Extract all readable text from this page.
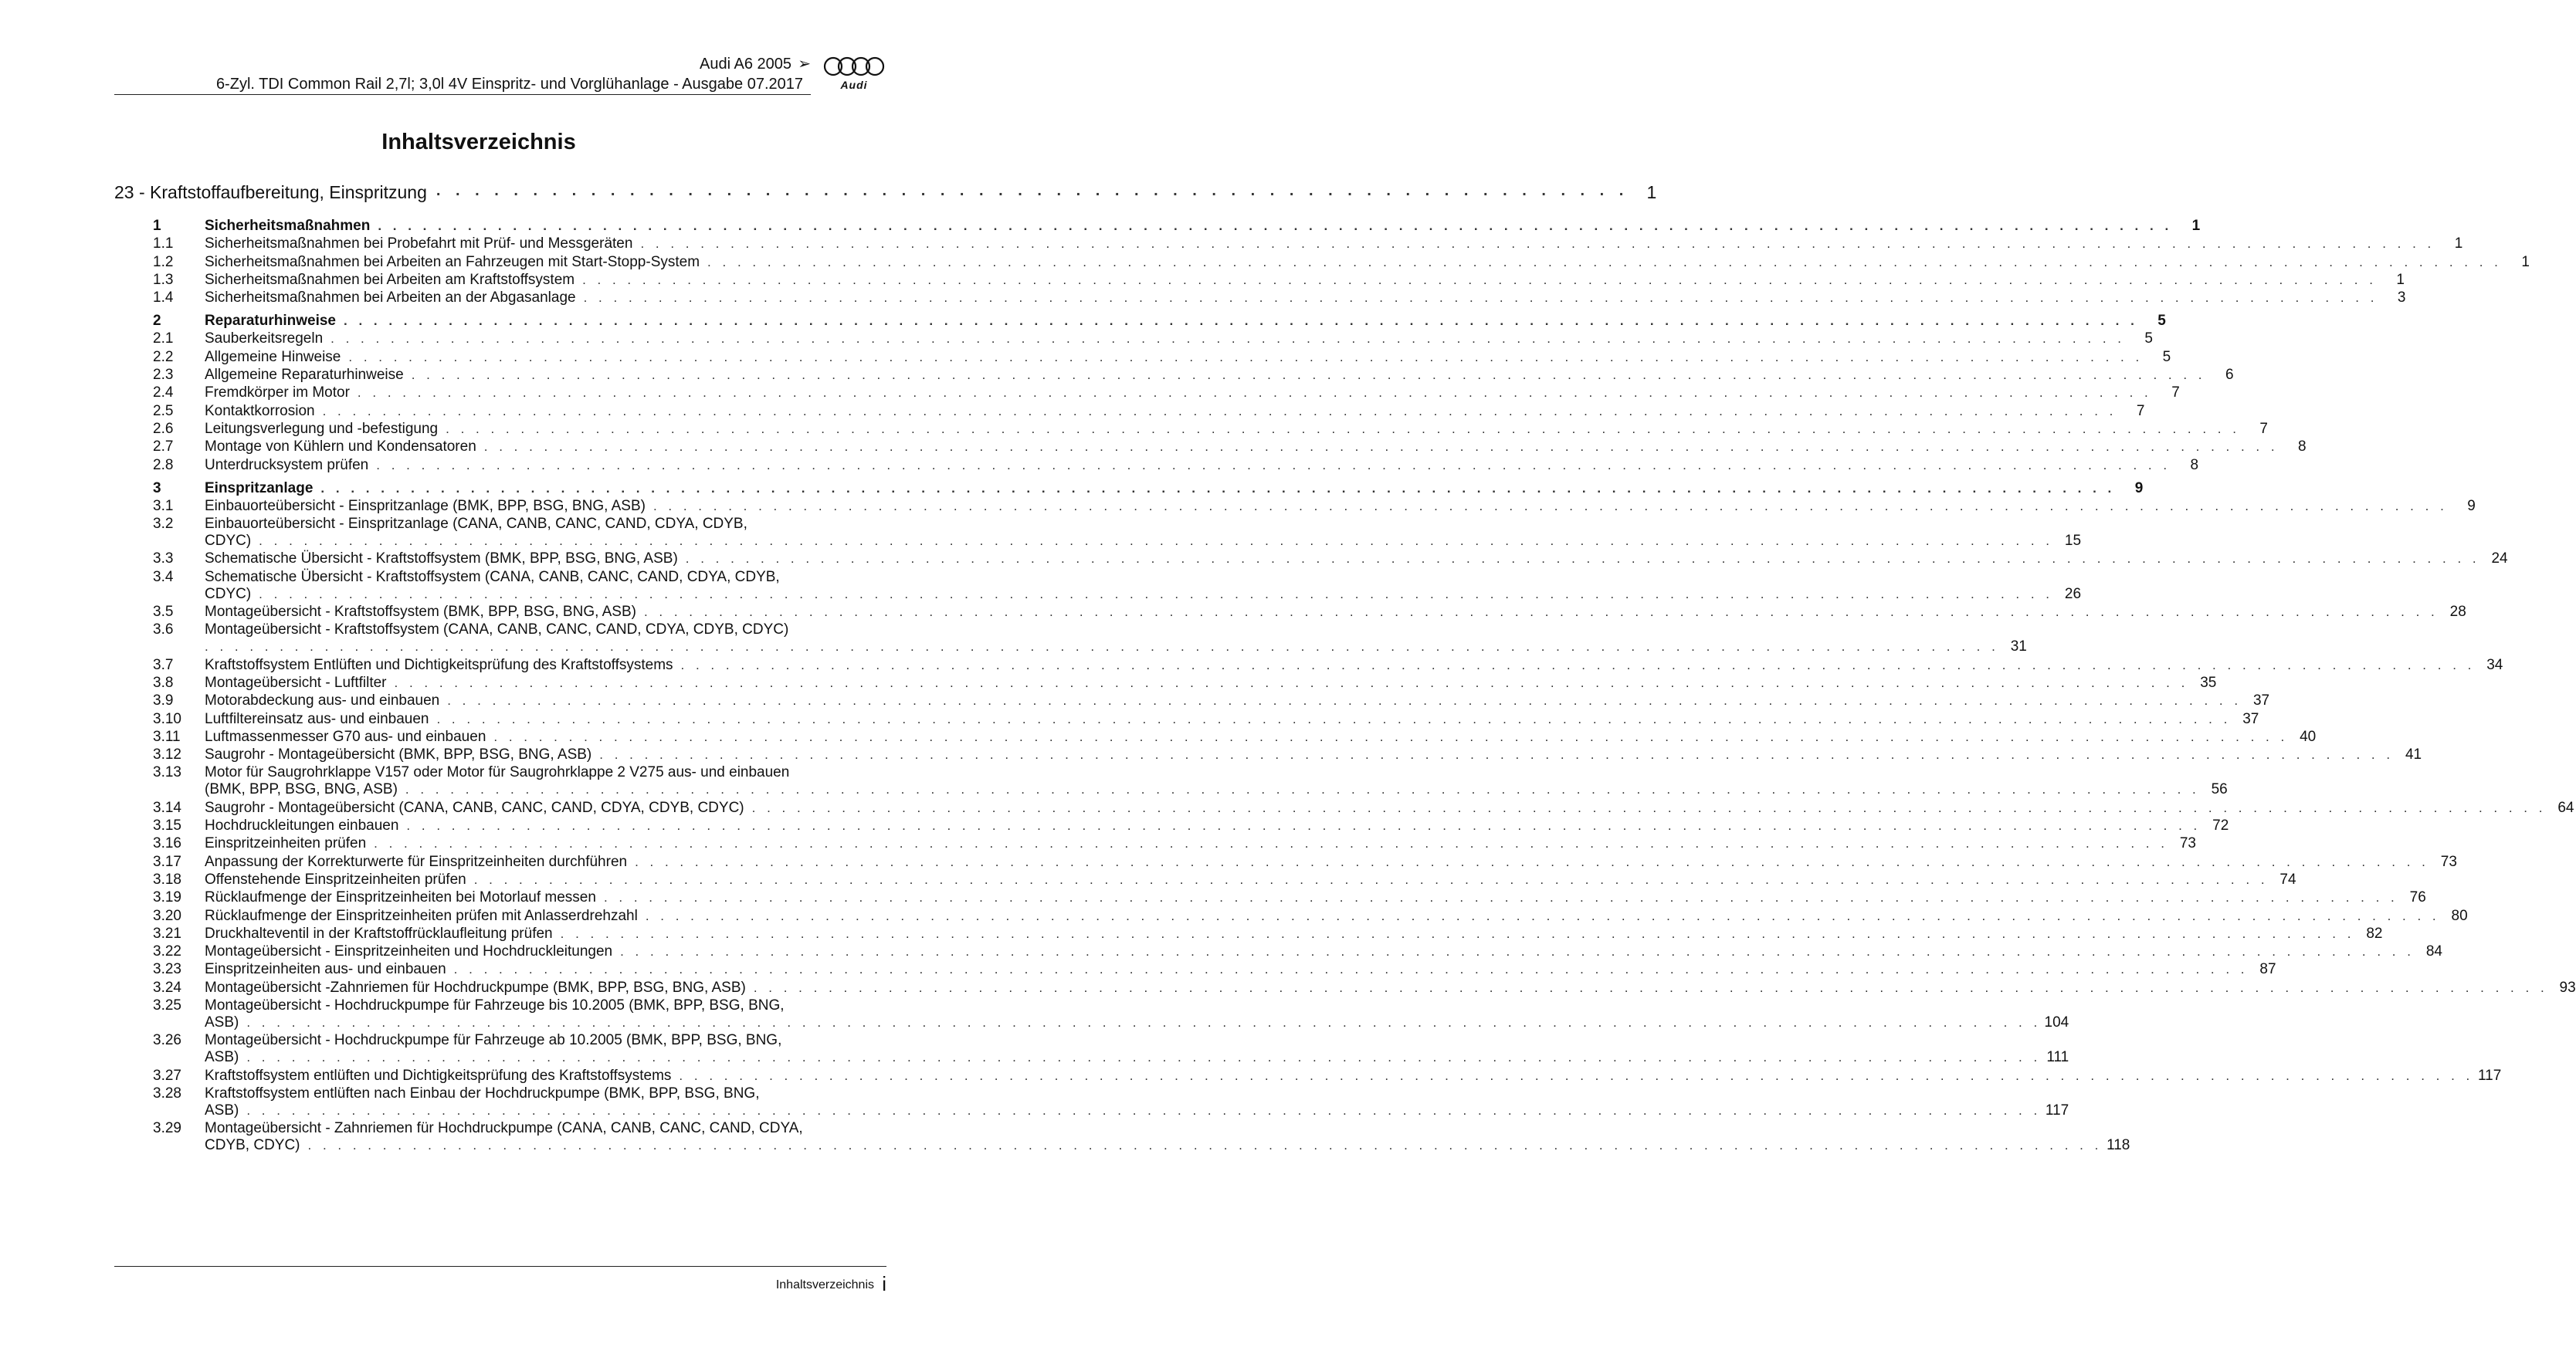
Audi A6 2005 ➢
6-Zyl. TDI Common Rail 2,7l; 3,0l 4V Einspritz- und Vorglühanlage - Ausgabe 07.2017	Audi
Inhaltsverzeichnis
23 - Kraftstoffaufbereitung, Einspritzung . . . . . . . . . . . . . . . . . . . . . . . . . . . . . . . . . . . . . . . . . . . . . . . . . . . . . . . . . . . . . .	1
1	Sicherheitsmaßnahmen . . . . . . . . . . . . . . . . . . . . . . . . . . . . . . . . . . . . . . . . . . . . . . . . . . . . . . . . . . . . . . . . . . . . . . . . . . . . . . . . . . . . . . . . . . . . . . . . . . . . . . . . . . . . . . . . . . . . . . . .	1
1.1	Sicherheitsmaßnahmen bei Probefahrt mit Prüf- und Messgeräten . . . . . . . . . . . . . . . . . . . . . . . . . . . . . . . . . . . . . . . . . . . . . . . . . . . . . . . . . . . . . . . . . . . . . . . . . . . . . . . . . . . . . . . . . . . . . . . . . . . . . . . . . . . . . . . . . . . . . . . .	1
1.2	Sicherheitsmaßnahmen bei Arbeiten an Fahrzeugen mit Start-Stopp-System . . . . . . . . . . . . . . . . . . . . . . . . . . . . . . . . . . . . . . . . . . . . . . . . . . . . . . . . . . . . . . . . . . . . . . . . . . . . . . . . . . . . . . . . . . . . . . . . . . . . . . . . . . . . . . . . . . . . . . . .	1
1.3	Sicherheitsmaßnahmen bei Arbeiten am Kraftstoffsystem . . . . . . . . . . . . . . . . . . . . . . . . . . . . . . . . . . . . . . . . . . . . . . . . . . . . . . . . . . . . . . . . . . . . . . . . . . . . . . . . . . . . . . . . . . . . . . . . . . . . . . . . . . . . . . . . . . . . . . . .	1
1.4	Sicherheitsmaßnahmen bei Arbeiten an der Abgasanlage . . . . . . . . . . . . . . . . . . . . . . . . . . . . . . . . . . . . . . . . . . . . . . . . . . . . . . . . . . . . . . . . . . . . . . . . . . . . . . . . . . . . . . . . . . . . . . . . . . . . . . . . . . . . . . . . . . . . . . . .	3
2	Reparaturhinweise . . . . . . . . . . . . . . . . . . . . . . . . . . . . . . . . . . . . . . . . . . . . . . . . . . . . . . . . . . . . . . . . . . . . . . . . . . . . . . . . . . . . . . . . . . . . . . . . . . . . . . . . . . . . . . . . . . . . . . . .	5
2.1	Sauberkeitsregeln . . . . . . . . . . . . . . . . . . . . . . . . . . . . . . . . . . . . . . . . . . . . . . . . . . . . . . . . . . . . . . . . . . . . . . . . . . . . . . . . . . . . . . . . . . . . . . . . . . . . . . . . . . . . . . . . . . . . . . . .	5
2.2	Allgemeine Hinweise . . . . . . . . . . . . . . . . . . . . . . . . . . . . . . . . . . . . . . . . . . . . . . . . . . . . . . . . . . . . . . . . . . . . . . . . . . . . . . . . . . . . . . . . . . . . . . . . . . . . . . . . . . . . . . . . . . . . . . . .	5
2.3	Allgemeine Reparaturhinweise . . . . . . . . . . . . . . . . . . . . . . . . . . . . . . . . . . . . . . . . . . . . . . . . . . . . . . . . . . . . . . . . . . . . . . . . . . . . . . . . . . . . . . . . . . . . . . . . . . . . . . . . . . . . . . . . . . . . . . . .	6
2.4	Fremdkörper im Motor . . . . . . . . . . . . . . . . . . . . . . . . . . . . . . . . . . . . . . . . . . . . . . . . . . . . . . . . . . . . . . . . . . . . . . . . . . . . . . . . . . . . . . . . . . . . . . . . . . . . . . . . . . . . . . . . . . . . . . . .	7
2.5	Kontaktkorrosion . . . . . . . . . . . . . . . . . . . . . . . . . . . . . . . . . . . . . . . . . . . . . . . . . . . . . . . . . . . . . . . . . . . . . . . . . . . . . . . . . . . . . . . . . . . . . . . . . . . . . . . . . . . . . . . . . . . . . . . .	7
2.6	Leitungsverlegung und -befestigung . . . . . . . . . . . . . . . . . . . . . . . . . . . . . . . . . . . . . . . . . . . . . . . . . . . . . . . . . . . . . . . . . . . . . . . . . . . . . . . . . . . . . . . . . . . . . . . . . . . . . . . . . . . . . . . . . . . . . . . .	7
2.7	Montage von Kühlern und Kondensatoren . . . . . . . . . . . . . . . . . . . . . . . . . . . . . . . . . . . . . . . . . . . . . . . . . . . . . . . . . . . . . . . . . . . . . . . . . . . . . . . . . . . . . . . . . . . . . . . . . . . . . . . . . . . . . . . . . . . . . . . .	8
2.8	Unterdrucksystem prüfen . . . . . . . . . . . . . . . . . . . . . . . . . . . . . . . . . . . . . . . . . . . . . . . . . . . . . . . . . . . . . . . . . . . . . . . . . . . . . . . . . . . . . . . . . . . . . . . . . . . . . . . . . . . . . . . . . . . . . . . .	8
3	Einspritzanlage . . . . . . . . . . . . . . . . . . . . . . . . . . . . . . . . . . . . . . . . . . . . . . . . . . . . . . . . . . . . . . . . . . . . . . . . . . . . . . . . . . . . . . . . . . . . . . . . . . . . . . . . . . . . . . . . . . . . . . . .	9
3.1	Einbauorteübersicht - Einspritzanlage (BMK, BPP, BSG, BNG, ASB) . . . . . . . . . . . . . . . . . . . . . . . . . . . . . . . . . . . . . . . . . . . . . . . . . . . . . . . . . . . . . . . . . . . . . . . . . . . . . . . . . . . . . . . . . . . . . . . . . . . . . . . . . . . . . . . . . . . . . . . .	9
3.2	Einbauorteübersicht - Einspritzanlage (CANA, CANB, CANC, CAND, CDYA, CDYB,
CDYC) . . . . . . . . . . . . . . . . . . . . . . . . . . . . . . . . . . . . . . . . . . . . . . . . . . . . . . . . . . . . . . . . . . . . . . . . . . . . . . . . . . . . . . . . . . . . . . . . . . . . . . . . . . . . . . . . . . . . . . . . 15
3.3	Schematische Übersicht - Kraftstoffsystem (BMK, BPP, BSG, BNG, ASB) . . . . . . . . . . . . . . . . . . . . . . . . . . . . . . . . . . . . . . . . . . . . . . . . . . . . . . . . . . . . . . . . . . . . . . . . . . . . . . . . . . . . . . . . . . . . . . . . . . . . . . . . . . . . . . . . . . . . . . . . 24
3.4	Schematische Übersicht - Kraftstoffsystem (CANA, CANB, CANC, CAND, CDYA, CDYB,
CDYC) . . . . . . . . . . . . . . . . . . . . . . . . . . . . . . . . . . . . . . . . . . . . . . . . . . . . . . . . . . . . . . . . . . . . . . . . . . . . . . . . . . . . . . . . . . . . . . . . . . . . . . . . . . . . . . . . . . . . . . . . 26
3.5	Montageübersicht - Kraftstoffsystem (BMK, BPP, BSG, BNG, ASB) . . . . . . . . . . . . . . . . . . . . . . . . . . . . . . . . . . . . . . . . . . . . . . . . . . . . . . . . . . . . . . . . . . . . . . . . . . . . . . . . . . . . . . . . . . . . . . . . . . . . . . . . . . . . . . . . . . . . . . . . 28
3.6	Montageübersicht - Kraftstoffsystem (CANA, CANB, CANC, CAND, CDYA, CDYB, CDYC)
. . . . . . . . . . . . . . . . . . . . . . . . . . . . . . . . . . . . . . . . . . . . . . . . . . . . . . . . . . . . . . . . . . . . . . . . . . . . . . . . . . . . . . . . . . . . . . . . . . . . . . . . . . . . . . . . . . . . . . . . 31
3.7	Kraftstoffsystem Entlüften und Dichtigkeitsprüfung des Kraftstoffsystems . . . . . . . . . . . . . . . . . . . . . . . . . . . . . . . . . . . . . . . . . . . . . . . . . . . . . . . . . . . . . . . . . . . . . . . . . . . . . . . . . . . . . . . . . . . . . . . . . . . . . . . . . . . . . . . . . . . . . . . . 34
3.8	Montageübersicht - Luftfilter . . . . . . . . . . . . . . . . . . . . . . . . . . . . . . . . . . . . . . . . . . . . . . . . . . . . . . . . . . . . . . . . . . . . . . . . . . . . . . . . . . . . . . . . . . . . . . . . . . . . . . . . . . . . . . . . . . . . . . . . 35
3.9	Motorabdeckung aus- und einbauen . . . . . . . . . . . . . . . . . . . . . . . . . . . . . . . . . . . . . . . . . . . . . . . . . . . . . . . . . . . . . . . . . . . . . . . . . . . . . . . . . . . . . . . . . . . . . . . . . . . . . . . . . . . . . . . . . . . . . . . . 37
3.10	Luftfiltereinsatz aus- und einbauen . . . . . . . . . . . . . . . . . . . . . . . . . . . . . . . . . . . . . . . . . . . . . . . . . . . . . . . . . . . . . . . . . . . . . . . . . . . . . . . . . . . . . . . . . . . . . . . . . . . . . . . . . . . . . . . . . . . . . . . . 37
3.11	Luftmassenmesser G70 aus- und einbauen . . . . . . . . . . . . . . . . . . . . . . . . . . . . . . . . . . . . . . . . . . . . . . . . . . . . . . . . . . . . . . . . . . . . . . . . . . . . . . . . . . . . . . . . . . . . . . . . . . . . . . . . . . . . . . . . . . . . . . . . 40
3.12	Saugrohr - Montageübersicht (BMK, BPP, BSG, BNG, ASB) . . . . . . . . . . . . . . . . . . . . . . . . . . . . . . . . . . . . . . . . . . . . . . . . . . . . . . . . . . . . . . . . . . . . . . . . . . . . . . . . . . . . . . . . . . . . . . . . . . . . . . . . . . . . . . . . . . . . . . . . 41
3.13	Motor für Saugrohrklappe V157 oder Motor für Saugrohrklappe 2 V275 aus- und einbauen
(BMK, BPP, BSG, BNG, ASB) . . . . . . . . . . . . . . . . . . . . . . . . . . . . . . . . . . . . . . . . . . . . . . . . . . . . . . . . . . . . . . . . . . . . . . . . . . . . . . . . . . . . . . . . . . . . . . . . . . . . . . . . . . . . . . . . . . . . . . . . 56
3.14	Saugrohr - Montageübersicht (CANA, CANB, CANC, CAND, CDYA, CDYB, CDYC) . . . . . . . . . . . . . . . . . . . . . . . . . . . . . . . . . . . . . . . . . . . . . . . . . . . . . . . . . . . . . . . . . . . . . . . . . . . . . . . . . . . . . . . . . . . . . . . . . . . . . . . . . . . . . . . . . . . . . . . . 64
3.15	Hochdruckleitungen einbauen . . . . . . . . . . . . . . . . . . . . . . . . . . . . . . . . . . . . . . . . . . . . . . . . . . . . . . . . . . . . . . . . . . . . . . . . . . . . . . . . . . . . . . . . . . . . . . . . . . . . . . . . . . . . . . . . . . . . . . . . 72
3.16	Einspritzeinheiten prüfen . . . . . . . . . . . . . . . . . . . . . . . . . . . . . . . . . . . . . . . . . . . . . . . . . . . . . . . . . . . . . . . . . . . . . . . . . . . . . . . . . . . . . . . . . . . . . . . . . . . . . . . . . . . . . . . . . . . . . . . . 73
3.17	Anpassung der Korrekturwerte für Einspritzeinheiten durchführen . . . . . . . . . . . . . . . . . . . . . . . . . . . . . . . . . . . . . . . . . . . . . . . . . . . . . . . . . . . . . . . . . . . . . . . . . . . . . . . . . . . . . . . . . . . . . . . . . . . . . . . . . . . . . . . . . . . . . . . . 73
3.18	Offenstehende Einspritzeinheiten prüfen . . . . . . . . . . . . . . . . . . . . . . . . . . . . . . . . . . . . . . . . . . . . . . . . . . . . . . . . . . . . . . . . . . . . . . . . . . . . . . . . . . . . . . . . . . . . . . . . . . . . . . . . . . . . . . . . . . . . . . . . 74
3.19	Rücklaufmenge der Einspritzeinheiten bei Motorlauf messen . . . . . . . . . . . . . . . . . . . . . . . . . . . . . . . . . . . . . . . . . . . . . . . . . . . . . . . . . . . . . . . . . . . . . . . . . . . . . . . . . . . . . . . . . . . . . . . . . . . . . . . . . . . . . . . . . . . . . . . . 76
3.20	Rücklaufmenge der Einspritzeinheiten prüfen mit Anlasserdrehzahl . . . . . . . . . . . . . . . . . . . . . . . . . . . . . . . . . . . . . . . . . . . . . . . . . . . . . . . . . . . . . . . . . . . . . . . . . . . . . . . . . . . . . . . . . . . . . . . . . . . . . . . . . . . . . . . . . . . . . . . . 80
3.21	Druckhalteventil in der Kraftstoffrücklaufleitung prüfen . . . . . . . . . . . . . . . . . . . . . . . . . . . . . . . . . . . . . . . . . . . . . . . . . . . . . . . . . . . . . . . . . . . . . . . . . . . . . . . . . . . . . . . . . . . . . . . . . . . . . . . . . . . . . . . . . . . . . . . . 82
3.22	Montageübersicht - Einspritzeinheiten und Hochdruckleitungen . . . . . . . . . . . . . . . . . . . . . . . . . . . . . . . . . . . . . . . . . . . . . . . . . . . . . . . . . . . . . . . . . . . . . . . . . . . . . . . . . . . . . . . . . . . . . . . . . . . . . . . . . . . . . . . . . . . . . . . . 84
3.23	Einspritzeinheiten aus- und einbauen . . . . . . . . . . . . . . . . . . . . . . . . . . . . . . . . . . . . . . . . . . . . . . . . . . . . . . . . . . . . . . . . . . . . . . . . . . . . . . . . . . . . . . . . . . . . . . . . . . . . . . . . . . . . . . . . . . . . . . . . 87
3.24	Montageübersicht -Zahnriemen für Hochdruckpumpe (BMK, BPP, BSG, BNG, ASB) . . . . . . . . . . . . . . . . . . . . . . . . . . . . . . . . . . . . . . . . . . . . . . . . . . . . . . . . . . . . . . . . . . . . . . . . . . . . . . . . . . . . . . . . . . . . . . . . . . . . . . . . . . . . . . . . . . . . . . . . 93
3.25	Montageübersicht - Hochdruckpumpe für Fahrzeuge bis 10.2005 (BMK, BPP, BSG, BNG,
ASB) . . . . . . . . . . . . . . . . . . . . . . . . . . . . . . . . . . . . . . . . . . . . . . . . . . . . . . . . . . . . . . . . . . . . . . . . . . . . . . . . . . . . . . . . . . . . . . . . . . . . . . . . . . . . . . . . . . . . . . . . 104
3.26	Montageübersicht - Hochdruckpumpe für Fahrzeuge ab 10.2005 (BMK, BPP, BSG, BNG,
ASB) . . . . . . . . . . . . . . . . . . . . . . . . . . . . . . . . . . . . . . . . . . . . . . . . . . . . . . . . . . . . . . . . . . . . . . . . . . . . . . . . . . . . . . . . . . . . . . . . . . . . . . . . . . . . . . . . . . . . . . . . 111
3.27	Kraftstoffsystem entlüften und Dichtigkeitsprüfung des Kraftstoffsystems . . . . . . . . . . . . . . . . . . . . . . . . . . . . . . . . . . . . . . . . . . . . . . . . . . . . . . . . . . . . . . . . . . . . . . . . . . . . . . . . . . . . . . . . . . . . . . . . . . . . . . . . . . . . . . . . . . . . . . . . 117
3.28	Kraftstoffsystem entlüften nach Einbau der Hochdruckpumpe (BMK, BPP, BSG, BNG,
ASB) . . . . . . . . . . . . . . . . . . . . . . . . . . . . . . . . . . . . . . . . . . . . . . . . . . . . . . . . . . . . . . . . . . . . . . . . . . . . . . . . . . . . . . . . . . . . . . . . . . . . . . . . . . . . . . . . . . . . . . . . 117
3.29	Montageübersicht - Zahnriemen für Hochdruckpumpe (CANA, CANB, CANC, CAND, CDYA,
CDYB, CDYC) . . . . . . . . . . . . . . . . . . . . . . . . . . . . . . . . . . . . . . . . . . . . . . . . . . . . . . . . . . . . . . . . . . . . . . . . . . . . . . . . . . . . . . . . . . . . . . . . . . . . . . . . . . . . . . . . . . . . . . . . 118
Inhaltsverzeichnis i
